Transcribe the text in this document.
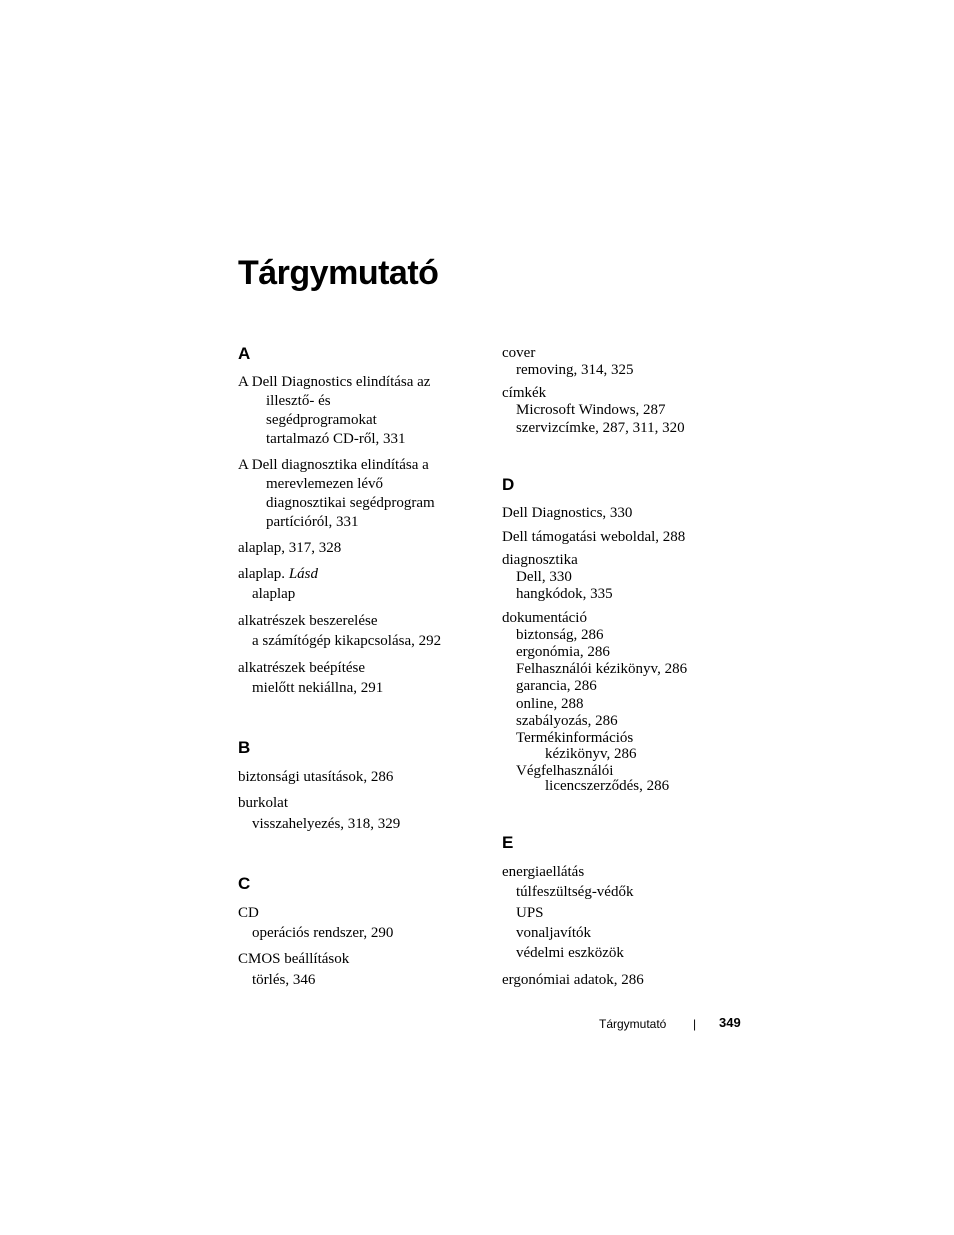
Tárgymutató
A
A Dell Diagnostics elindítása az
illesztő- és
segédprogramokat
tartalmazó CD-ről, 331
A Dell diagnosztika elindítása a
merevlemezen lévő
diagnosztikai segédprogram
partícióról, 331
alaplap, 317, 328
alaplap. Lásd
alaplap
alkatrészek beszerelése
a számítógép kikapcsolása, 292
alkatrészek beépítése
mielőtt nekiállna, 291
B
biztonsági utasítások, 286
burkolat
visszahelyezés, 318, 329
C
CD
operációs rendszer, 290
CMOS beállítások
törlés, 346
cover
removing, 314, 325
címkék
Microsoft Windows, 287
szervizcímke, 287, 311, 320
D
Dell Diagnostics, 330
Dell támogatási weboldal, 288
diagnosztika
Dell, 330
hangkódok, 335
dokumentáció
biztonság, 286
ergonómia, 286
Felhasználói kézikönyv, 286
garancia, 286
online, 288
szabályozás, 286
Termékinformációs
kézikönyv, 286
Végfelhasználói
licencszerződés, 286
E
energiaellátás
túlfeszültség-védők
UPS
vonaljavítók
védelmi eszközök
ergonómiai adatok, 286
Tárgymutató | 349
